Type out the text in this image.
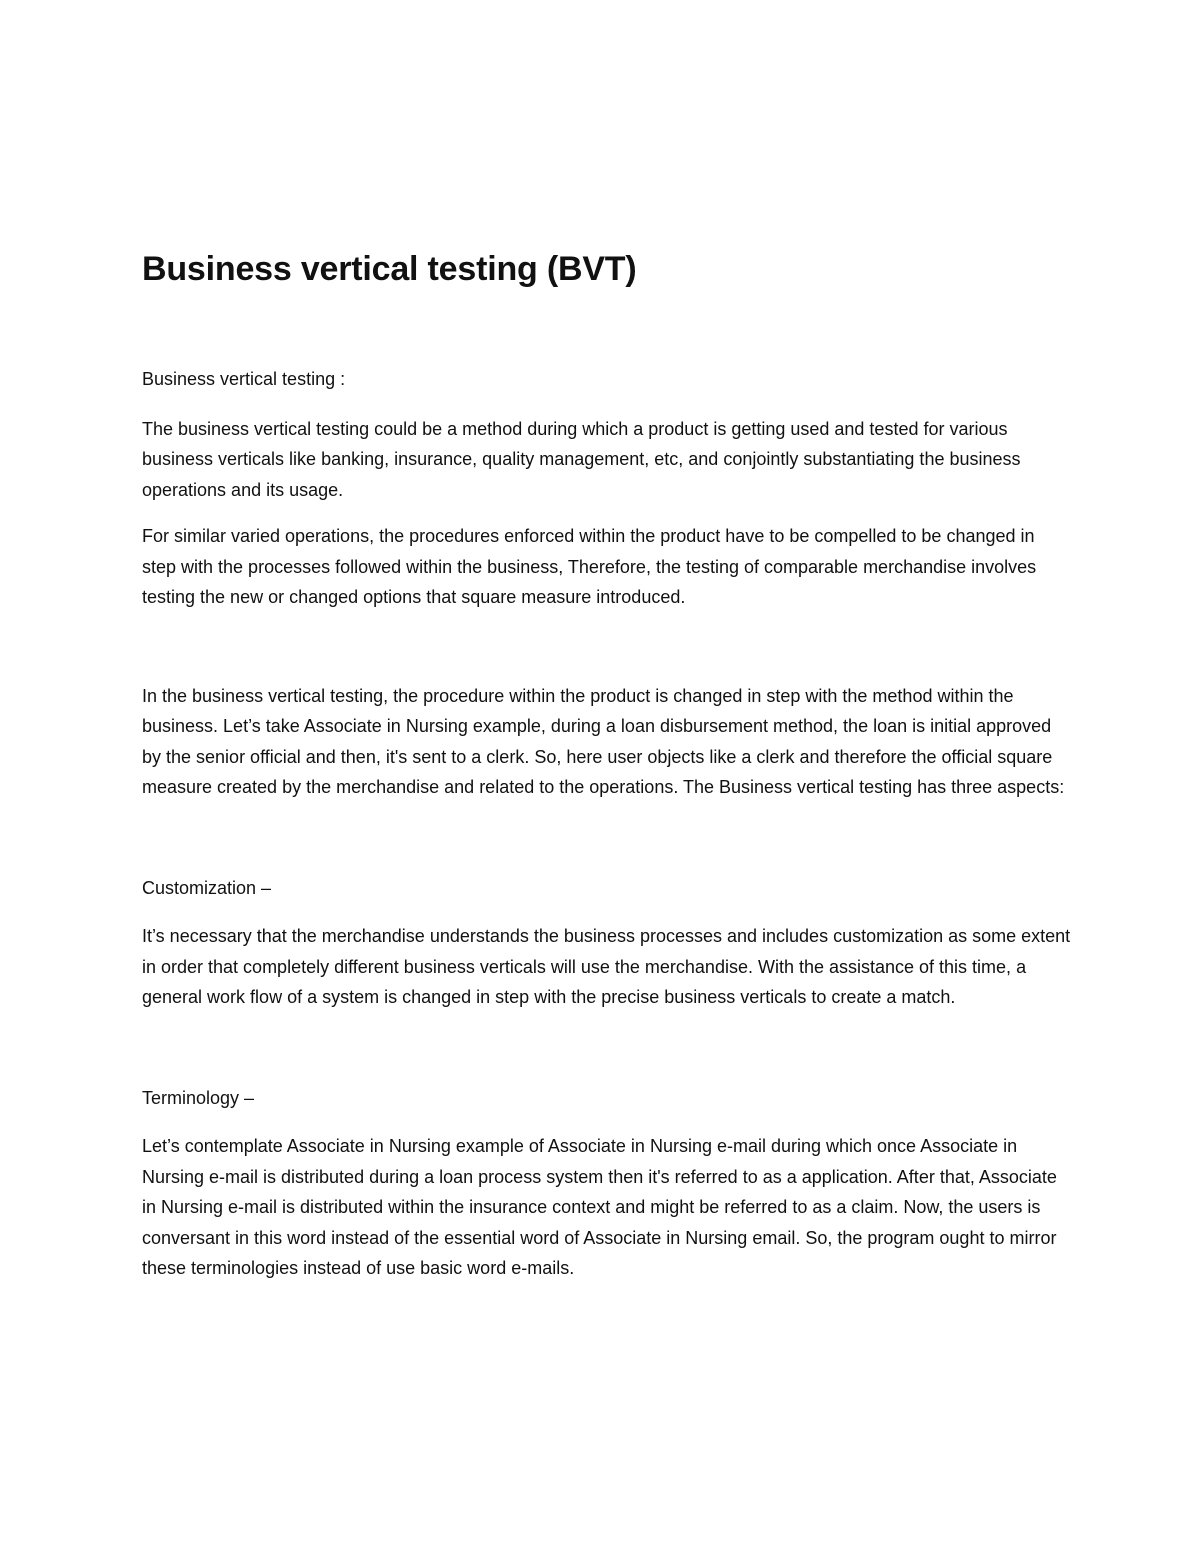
Business vertical testing (BVT)

Business vertical testing :

The business vertical testing could be a method during which a product is getting used and tested for various business verticals like banking, insurance, quality management, etc, and conjointly substantiating the business operations and its usage.

For similar varied operations, the procedures enforced within the product have to be compelled to be changed in step with the processes followed within the business, Therefore, the testing of comparable merchandise involves testing the new or changed options that square measure introduced.

In the business vertical testing, the procedure within the product is changed in step with the method within the business. Let’s take Associate in Nursing example, during a loan disbursement method, the loan is initial approved by the senior official and then, it's sent to a clerk. So, here user objects like a clerk and therefore the official square measure created by the merchandise and related to the operations. The Business vertical testing has three aspects:

Customization –

It’s necessary that the merchandise understands the business processes and includes customization as some extent in order that completely different business verticals will use the merchandise. With the assistance of this time, a general work flow of a system is changed in step with the precise business verticals to create a match.

Terminology –

Let’s contemplate Associate in Nursing example of Associate in Nursing e-mail during which once Associate in Nursing e-mail is distributed during a loan process system then it's referred to as a application. After that, Associate in Nursing e-mail is distributed within the insurance context and might be referred to as a claim. Now, the users is conversant in this word instead of the essential word of Associate in Nursing email. So, the program ought to mirror these terminologies instead of use basic word e-mails.
